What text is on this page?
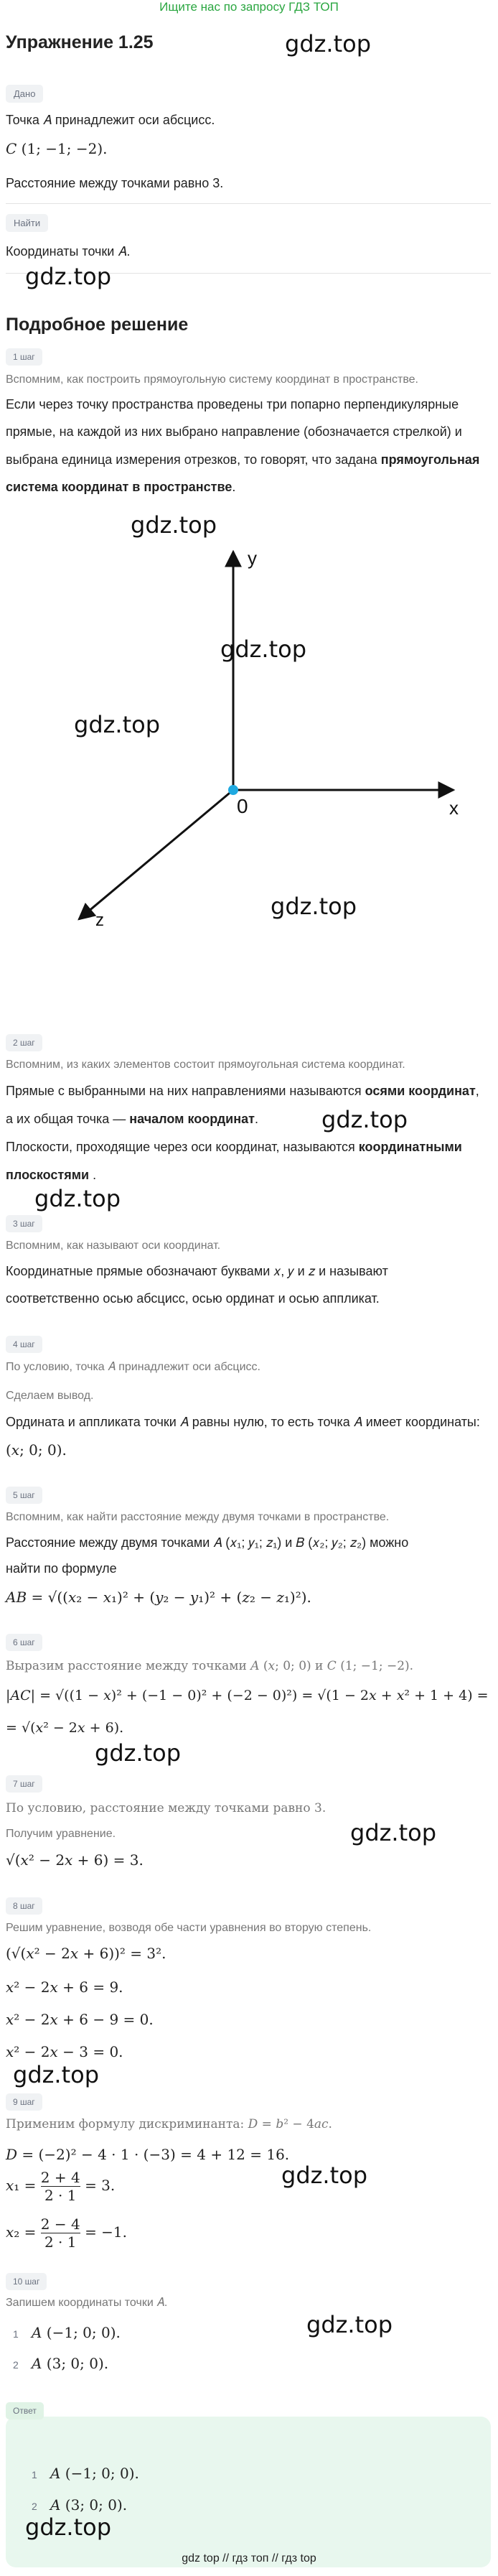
Ищите нас по запросу ГДЗ ТОП
Упражнение 1.25	gdz.top
Дано
Точка 𝐴 принадлежит оси абсцисс.
𝐶 (1; −1; −2).
Расстояние между точками равно 3.
Найти
Координаты точки 𝐴.
gdz.top
Подробное решение
1 шаг
Вспомним, как построить прямоугольную систему координат в пространстве.
Если через точку пространства проведены три попарно перпендикулярные
прямые, на каждой из них выбрано направление (обозначается стрелкой) и
выбрана единица измерения отрезков, то говорят, что задана прямоугольная
система координат в пространстве.
y
x
z
0
gdz.top
gdz.top
gdz.top
gdz.top
2 шаг
Вспомним, из каких элементов состоит прямоугольная система координат.
Прямые с выбранными на них направлениями называются осями координат,
а их общая точка — началом координат.	gdz.top
Плоскости, проходящие через оси координат, называются координатными
плоскостями .
gdz.top
3 шаг
Вспомним, как называют оси координат.
Координатные прямые обозначают буквами 𝑥, 𝑦 и 𝑧 и называют
соответственно осью абсцисс, осью ординат и осью аппликат.
4 шаг
По условию, точка 𝐴 принадлежит оси абсцисс.
Сделаем вывод.
Ордината и аппликата точки 𝐴 равны нулю, то есть точка 𝐴 имеет координаты:
(𝑥; 0; 0).
5 шаг
Вспомним, как найти расстояние между двумя точками в пространстве.
Расстояние между двумя точками 𝐴 (𝑥₁; 𝑦₁; 𝑧₁) и 𝐵 (𝑥₂; 𝑦₂; 𝑧₂) можно
найти по формуле
𝐴𝐵 = √((𝑥₂ − 𝑥₁)² + (𝑦₂ − 𝑦₁)² + (𝑧₂ − 𝑧₁)²).
6 шаг
Выразим расстояние между точками 𝐴 (𝑥; 0; 0) и 𝐶 (1; −1; −2).
|𝐴𝐶| = √((1 − 𝑥)² + (−1 − 0)² + (−2 − 0)²) = √(1 − 2𝑥 + 𝑥² + 1 + 4) =
= √(𝑥² − 2𝑥 + 6).
gdz.top
7 шаг
По условию, расстояние между точками равно 3.
Получим уравнение.
√(𝑥² − 2𝑥 + 6) = 3.
gdz.top
8 шаг
Решим уравнение, возводя обе части уравнения во вторую степень.
(√(𝑥² − 2𝑥 + 6))² = 3².
𝑥² − 2𝑥 + 6 = 9.
𝑥² − 2𝑥 + 6 − 9 = 0.
𝑥² − 2𝑥 − 3 = 0.
gdz.top
9 шаг
Применим формулу дискриминанта: 𝐷 = 𝑏² − 4𝑎𝑐.
𝐷 = (−2)² − 4 · 1 · (−3) = 4 + 12 = 16.
𝑥₁ = $\frac{2 + 4}{2 \cdot 1} = 3$.
𝑥₂ = $\frac{2 - 4}{2 \cdot 1} = -1$.
gdz.top
10 шаг
Запишем координаты точки 𝐴.
1 𝐴 (−1; 0; 0).
2 𝐴 (3; 0; 0).
gdz.top
Ответ
1 𝐴 (−1; 0; 0).
2 𝐴 (3; 0; 0).
gdz.top
gdz top // гдз топ // гдз top
